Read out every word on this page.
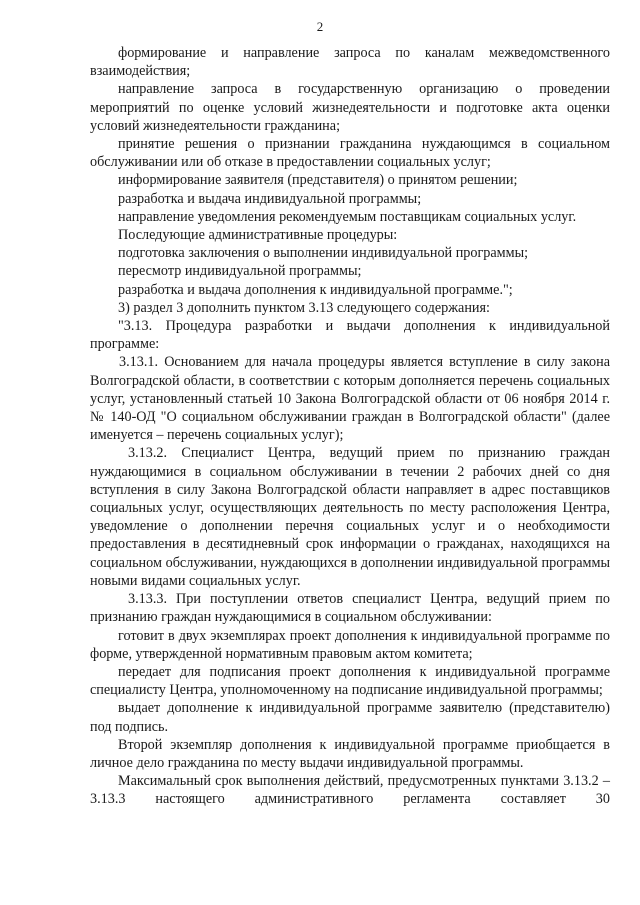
2

формирование и направление запроса по каналам межведомственного взаимодействия;

направление запроса в государственную организацию о проведении мероприятий по оценке условий жизнедеятельности и подготовке акта оценки условий жизнедеятельности гражданина;

принятие решения о признании гражданина нуждающимся в социальном обслуживании или об отказе в предоставлении социальных услуг;

информирование заявителя (представителя) о принятом решении;

разработка и выдача индивидуальной программы;

направление уведомления рекомендуемым поставщикам социальных услуг.

Последующие административные процедуры:

подготовка заключения о выполнении индивидуальной программы;

пересмотр индивидуальной программы;

разработка и выдача дополнения к индивидуальной программе.";

3) раздел 3 дополнить пунктом 3.13 следующего содержания:

"3.13. Процедура разработки и выдачи дополнения к индивидуальной программе:

3.13.1. Основанием для начала процедуры является вступление в силу закона Волгоградской области, в соответствии с которым дополняется перечень социальных услуг, установленный статьей 10 Закона Волгоградской области от 06 ноября 2014 г. № 140-ОД "О социальном обслуживании граждан в Волгоградской области" (далее именуется – перечень социальных услуг);

3.13.2. Специалист Центра, ведущий прием по признанию граждан нуждающимися в социальном обслуживании в течении 2 рабочих дней со дня вступления в силу Закона Волгоградской области направляет в адрес поставщиков социальных услуг, осуществляющих деятельность по месту расположения Центра, уведомление о дополнении перечня социальных услуг и о необходимости предоставления в десятидневный срок информации о гражданах, находящихся на социальном обслуживании, нуждающихся в дополнении индивидуальной программы новыми видами социальных услуг.

3.13.3. При поступлении ответов специалист Центра, ведущий прием по признанию граждан нуждающимися в социальном обслуживании:

готовит в двух экземплярах проект дополнения к индивидуальной программе по форме, утвержденной нормативным правовым актом комитета;

передает для подписания проект дополнения к индивидуальной программе специалисту Центра, уполномоченному на подписание индивидуальной программы;

выдает дополнение к индивидуальной программе заявителю (представителю) под подпись.

Второй экземпляр дополнения к индивидуальной программе приобщается в личное дело гражданина по месту выдачи индивидуальной программы.

Максимальный срок выполнения действий, предусмотренных пунктами 3.13.2 – 3.13.3 настоящего административного регламента составляет 30
